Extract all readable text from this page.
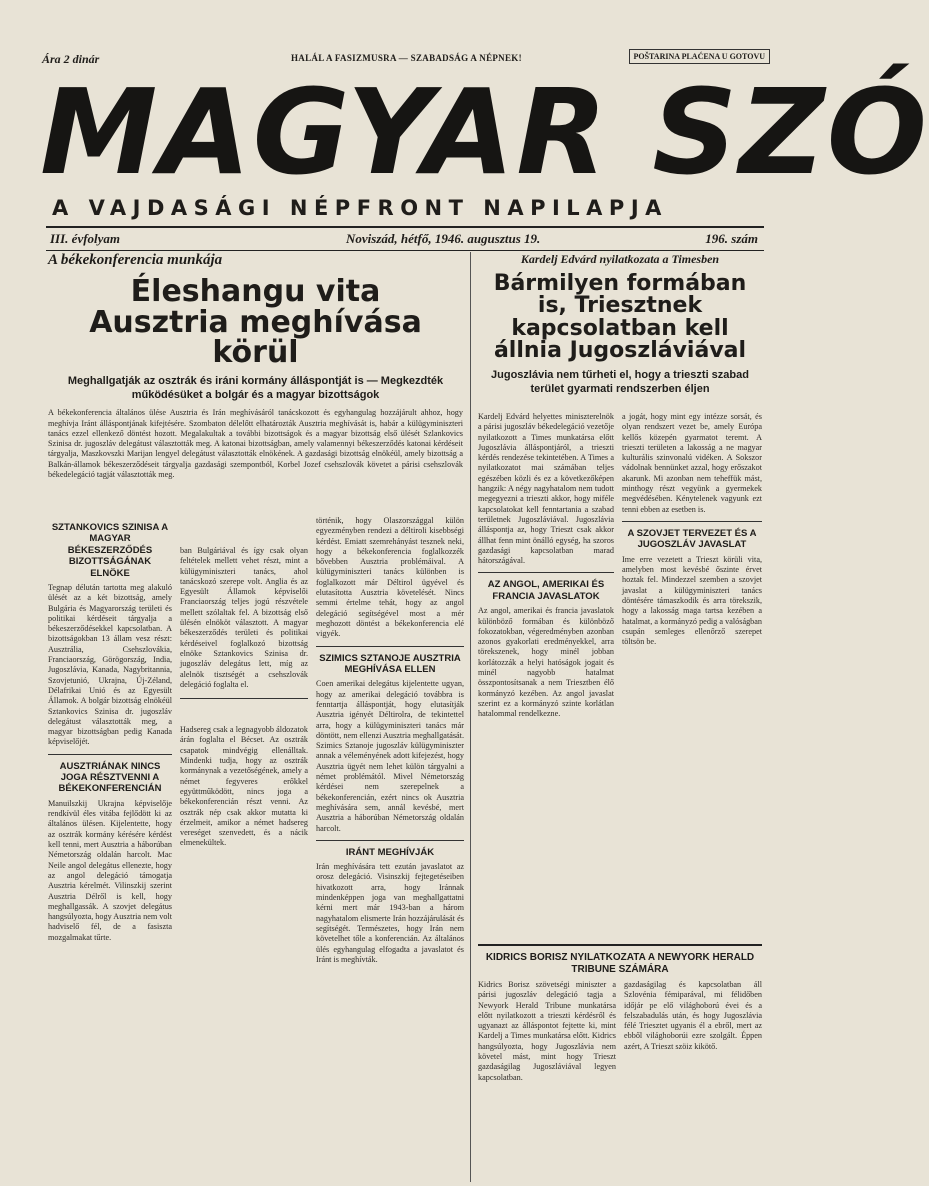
Ára 2 dinár	HALÁL A FASIZMUSRA — SZABADSÁG A NÉPNEK!	POŠTARINA PLAĆENA U GOTOVU
MAGYAR SZÓ
A VAJDASÁGI NÉPFRONT NAPILAPJA
III. évfolyam	Noviszád, hétfő, 1946. augusztus 19.	196. szám
A békekonferencia munkája
Éleshangu vita Ausztria meghívása körül
Meghallgatják az osztrák és iráni kormány álláspontját is — Megkezdték működésüket a bolgár és a magyar bizottságok

A békekonferencia általános ülése Ausztria és Irán meghívásáról tanácskozott és egyhangulag hozzájárult ahhoz, hogy meghívja Iránt álláspontjának kifejtésére. Szombaton délelőtt elhatározták Ausztria meghívását is, habár a külügyminiszteri tanács ezzel ellenkező döntést hozott. Megalakultak a további bizottságok és a magyar bizottság első ülését Szlankovics Szinisa dr. jugoszláv delegátust választották meg. A katonai bizottságban, amely valamennyi békeszerződés katonai kérdéseit tárgyalja, Maszkovszki Marijan lengyel delegátust választották elnökének. A gazdasági bizottság elnökéül, amely bizottság a Balkán-államok békeszerződéseit tárgyalja gazdasági szempontból, Korbel Jozef csehszlovák követet a párisi csehszlovák békedelegáció tagját választották meg.

SZTANKOVICS SZINISA A MAGYAR BÉKESZERZŐDÉS BIZOTTSÁGÁNAK ELNÖKE

Tegnap délután tartotta meg alakuló ülését az a két bizottság, amely Bulgária és Magyarország területi és politikai kérdéseit tárgyalja a békeszerződésekkel kapcsolatban. A bizottságokban 13 állam vesz részt: Ausztrália, Csehszlovákia, Franciaország, Görögország, India, Jugoszlávia, Kanada, Nagybritannia, Szovjetunió, Ukrajna, Új-Zéland, Délafrikai Unió és az Egyesült Államok. A bolgár bizottság elnökéül Sztankovics Szinisa dr. jugoszláv delegátust választották meg, a magyar bizottságban pedig Kanada képviselőjét.

AUSZTRIÁNAK NINCS JOGA RÉSZTVENNI A BÉKEKONFERENCIÁN

Manuilszkij Ukrajna képviselője rendkívül éles vitába fejlődött ki az általános ülésen. Kijelentette, hogy az osztrák kormány kérésére kérdést kell tenni, mert Ausztria a háborúban Németország oldalán harcolt. Mac Neile angol delegátus ellenezte, hogy az angol delegáció támogatja Ausztria kérelmét. Vilinszkij szerint Ausztria Délről is kell, hogy meghallgassák. A szovjet delegátus hangsúlyozta, hogy Ausztria nem volt hadviselő fél, de a fasiszta mozgalmakat tűrte.

ban Bulgáriával és így csak olyan feltételek mellett vehet részt, mint a külügyminiszteri tanács, ahol tanácskozó szerepe volt. Anglia és az Egyesült Államok képviselői Franciaország teljes jogú részvétele mellett szólaltak fel. A bizottság első ülésén elnököt választott. A magyar békeszerződés területi és politikai kérdéseivel foglalkozó bizottság elnöke Sztankovics Szinisa dr. jugoszláv delegátus lett, míg az alelnök tisztségét a csehszlovák delegáció foglalta el.

Hadsereg csak a legnagyobb áldozatok árán foglalta el Bécset. Az osztrák csapatok mindvégig ellenálltak. Mindenki tudja, hogy az osztrák kormánynak a vezetőségének, amely a német fegyveres erőkkel együttműködött, nincs joga a békekonferencián részt venni. Az osztrák nép csak akkor mutatta ki érzelmeit, amikor a német hadsereg vereséget szenvedett, és a nácik elmenekültek.

történik, hogy Olaszországgal külön egyezményben rendezi a déltiroli kisebbségi kérdést. Emiatt szemrehányást tesznek neki, hogy a békekonferencia foglalkozzék bővebben Ausztria problémáival. A külügyminiszteri tanács különben is foglalkozott már Déltirol ügyével és elutasította Ausztria követelését. Nincs semmi értelme tehát, hogy az angol delegáció segítségével most a mér meghozott döntést a békekonferencia elé vigyék.

SZIMICS SZTANOJE AUSZTRIA MEGHÍVÁSA ELLEN

Coen amerikai delegátus kijelentette ugyan, hogy az amerikai delegáció továbbra is fenntartja álláspontját, hogy elutasítják Ausztria igényét Déltirolra, de tekintettel arra, hogy a külügyminiszteri tanács már döntött, nem ellenzi Ausztria meghallgatását. Szimics Sztanoje jugoszláv külügyminiszter annak a véleményének adott kifejezést, hogy Ausztria ügyét nem lehet külön tárgyalni a német problémától. Mivel Németország kérdései nem szerepelnek a békekonferencián, ezért nincs ok Ausztria meghívására sem, annál kevésbé, mert Ausztria a háborúban Németország oldalán harcolt.

IRÁNT MEGHÍVJÁK

Irán meghívására tett ezután javaslatot az orosz delegáció. Visinszkij fejtegetéseiben hivatkozott arra, hogy Iránnak mindenképpen joga van meghallgattatni kérni mert már 1943-ban a három nagyhatalom elismerte Irán hozzájárulását és segítségét. Természetes, hogy Irán nem követelhet tőle a konferencián. Az általános ülés egyhangulag elfogadta a javaslatot és Iránt is meghívták.

Kardelj Edvárd nyilatkozata a Timesben
Bármilyen formában is, Triesztnek kapcsolatban kell állnia Jugoszláviával
Jugoszlávia nem tűrheti el, hogy a trieszti szabad terület gyarmati rendszerben éljen

Kardelj Edvárd helyettes miniszterelnök a párisi jugoszláv békedelegáció vezetője nyilatkozott a Times munkatársa előtt Jugoszlávia álláspontjáról, a trieszti kérdés rendezése tekintetében. A Times a nyilatkozatot mai számában teljes egészében közli és ez a következőképen hangzik: A négy nagyhatalom nem tudott megegyezni a trieszti akkor, hogy miféle kapcsolatokat kell fenntartania a szabad területnek Jugoszláviával. Jugoszlávia álláspontja az, hogy Trieszt csak akkor állhat fenn mint önálló egység, ha szoros gazdasági kapcsolatban marad hátországával.

AZ ANGOL, AMERIKAI ÉS FRANCIA JAVASLATOK

Az angol, amerikai és francia javaslatok különböző formában és különböző fokozatokban, végeredményben azonban azonos gyakorlati eredményekkel, arra törekszenek, hogy minél jobban korlátozzák a helyi hatóságok jogait és minél nagyobb hatalmat összpontosítsanak a nem Triesztben élő kormányzó kezében. Az angol javaslat szerint ez a kormányzó szinte korlátlan hatalommal rendelkezne.

a jogát, hogy mint egy intézze sorsát, és olyan rendszert vezet be, amely Európa kellős közepén gyarmatot teremt. A trieszti területen a lakosság a ne magyar kulturális szinvonalú vidéken. A Sokszor vádolnak bennünket azzal, hogy erőszakot akarunk. Mi azonban nem teheffük mást, minthogy részt vegyünk a gyermekek megvédésében. Kénytelenek vagyunk ezt tenni ebben az esetben is.

A SZOVJET TERVEZET ÉS A JUGOSZLÁV JAVASLAT

Ime erre vezetett a Trieszt körüli vita, amelyben most kevésbé őszinte érvet hoztak fel. Mindezzel szemben a szovjet javaslat a külügyminiszteri tanács döntésére támaszkodik és arra törekszik, hogy a lakosság maga tartsa kezében a hatalmat, a kormányzó pedig a valóságban csupán semleges ellenőrző szerepet töltsön be.

KIDRICS BORISZ NYILATKOZATA A NEWYORK HERALD TRIBUNE SZÁMÁRA

Kidrics Borisz szövetségi miniszter a párisi jugoszláv delegáció tagja a Newyork Herald Tribune munkatársa előtt nyilatkozott a trieszti kérdésről és ugyanazt az álláspontot fejtette ki, mint Kardelj a Times munkatársa előtt. Kidrics hangsúlyozta, hogy Jugoszlávia nem követel mást, mint hogy Trieszt gazdaságilag Jugoszláviával legyen kapcsolatban.

gazdaságilag és kapcsolatban áll Szlovénia fémiparával, mi félidőben időjár pe elő világhoború évei és a felszabadulás után, és hogy Jugoszlávia félé Triesztet ugyanis él a ebről, mert az ebből világhoborúi ezre szolgált. Éppen azért, A Trieszt szöiz kikötő.
